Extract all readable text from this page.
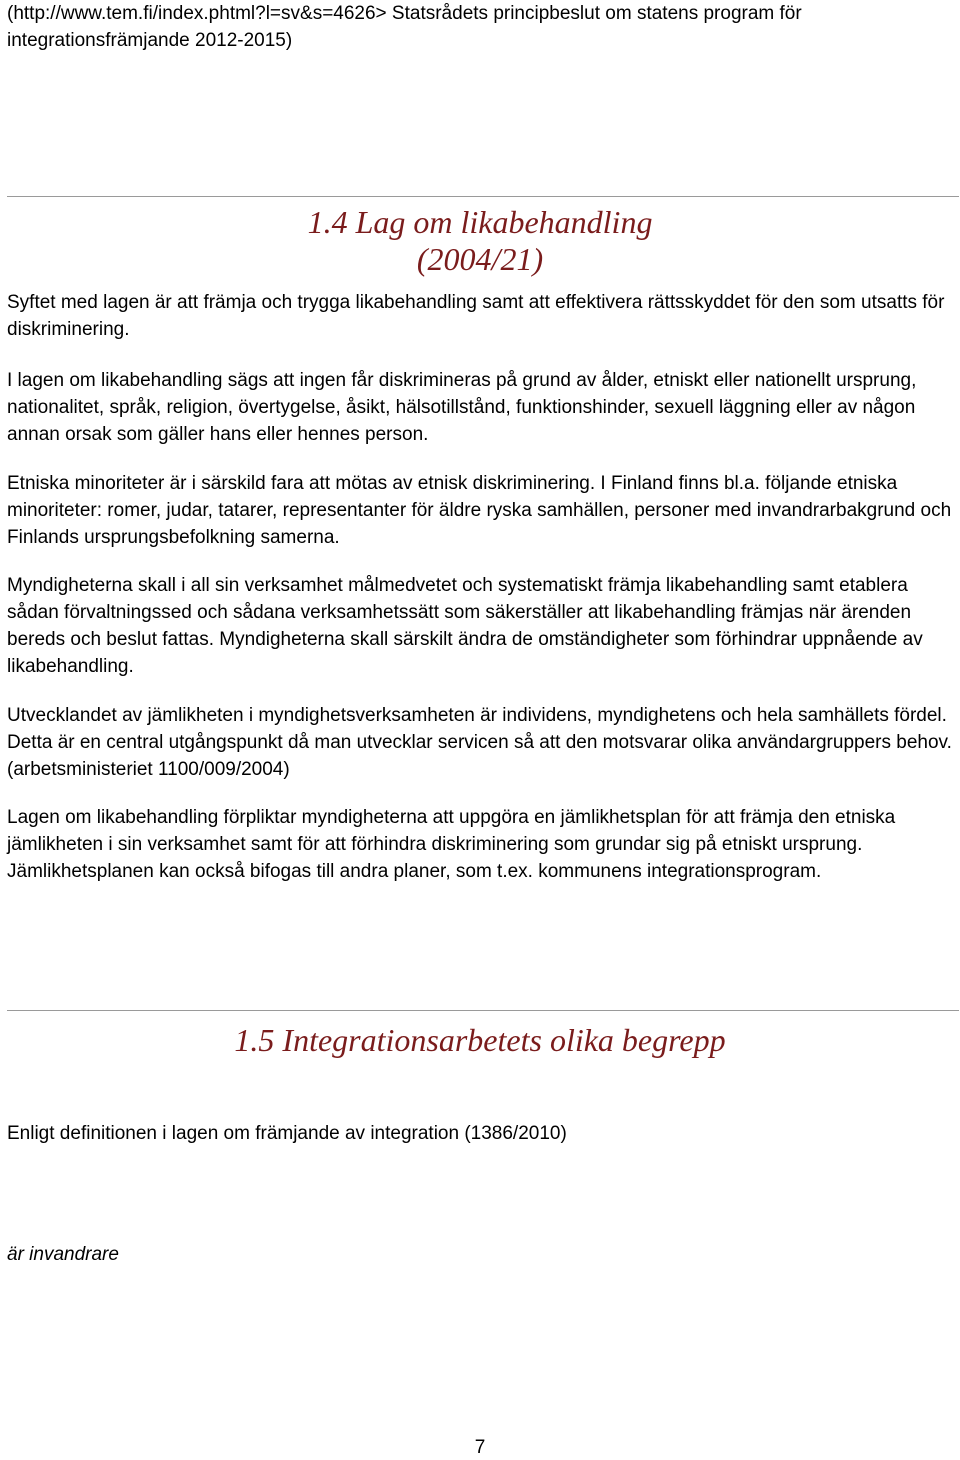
(http://www.tem.fi/index.phtml?l=sv&s=4626> Statsrådets principbeslut om statens program för integrationsfrämjande 2012-2015)

1.4 Lag om likabehandling
(2004/21)

Syftet med lagen är att främja och trygga likabehandling samt att effektivera rättsskyddet för den som utsatts för diskriminering.

I lagen om likabehandling sägs att ingen får diskrimineras på grund av ålder, etniskt eller nationellt ursprung, nationalitet, språk, religion, övertygelse, åsikt, hälsotillstånd, funktionshinder, sexuell läggning eller av någon annan orsak som gäller hans eller hennes person.

Etniska minoriteter är i särskild fara att mötas av etnisk diskriminering. I Finland finns bl.a. följande etniska minoriteter: romer, judar, tatarer, representanter för äldre ryska samhällen, personer med invandrarbakgrund och Finlands ursprungsbefolkning samerna.

Myndigheterna skall i all sin verksamhet målmedvetet och systematiskt främja likabehandling samt etablera sådan förvaltningssed och sådana verksamhetssätt som säkerställer att likabehandling främjas när ärenden bereds och beslut fattas. Myndigheterna skall särskilt ändra de omständigheter som förhindrar uppnående av likabehandling.

Utvecklandet av jämlikheten i myndighetsverksamheten är individens, myndighetens och hela samhällets fördel. Detta är en central utgångspunkt då man utvecklar servicen så att den motsvarar olika användargruppers behov. (arbetsministeriet 1100/009/2004)

Lagen om likabehandling förpliktar myndigheterna att uppgöra en jämlikhetsplan för att främja den etniska jämlikheten i sin verksamhet samt för att förhindra diskriminering som grundar sig på etniskt ursprung. Jämlikhetsplanen kan också bifogas till andra planer, som t.ex. kommunens integrationsprogram.

1.5 Integrationsarbetets olika begrepp

Enligt definitionen i lagen om främjande av integration (1386/2010)

är invandrare

7
